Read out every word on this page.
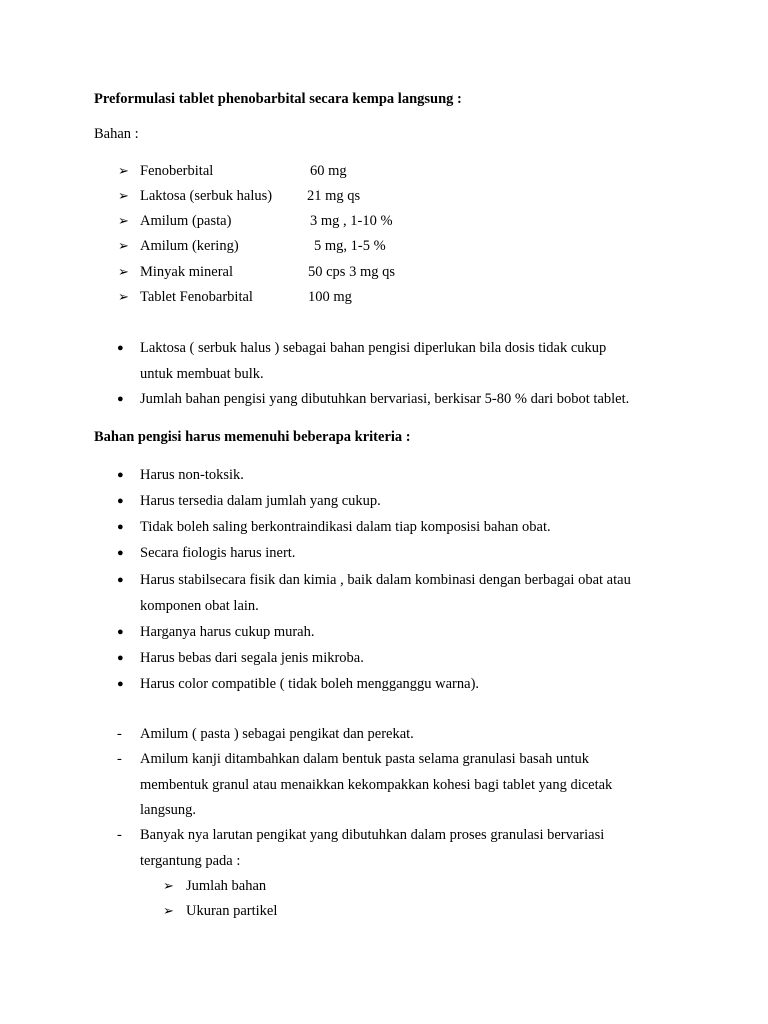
Preformulasi tablet phenobarbital secara kempa langsung :
Bahan :
➢ Fenoberbital	60 mg
➢ Laktosa (serbuk halus) 21 mg qs
➢ Amilum (pasta)	3 mg , 1-10 %
➢ Amilum (kering)	5 mg, 1-5 %
➢ Minyak mineral	50 cps 3 mg qs
➢ Tablet Fenobarbital	100 mg
● Laktosa ( serbuk halus ) sebagai bahan pengisi diperlukan bila dosis tidak cukup
untuk membuat bulk.
● Jumlah bahan pengisi yang dibutuhkan bervariasi, berkisar 5-80 % dari bobot tablet.
Bahan pengisi harus memenuhi beberapa kriteria :
● Harus non-toksik.
● Harus tersedia dalam jumlah yang cukup.
● Tidak boleh saling berkontraindikasi dalam tiap komposisi bahan obat.
● Secara fiologis harus inert.
● Harus stabilsecara fisik dan kimia , baik dalam kombinasi dengan berbagai obat atau
komponen obat lain.
● Harganya harus cukup murah.
● Harus bebas dari segala jenis mikroba.
● Harus color compatible ( tidak boleh mengganggu warna).
- Amilum ( pasta ) sebagai pengikat dan perekat.
- Amilum kanji ditambahkan dalam bentuk pasta selama granulasi basah untuk
membentuk granul atau menaikkan kekompakkan kohesi bagi tablet yang dicetak
langsung.
- Banyak nya larutan pengikat yang dibutuhkan dalam proses granulasi bervariasi
tergantung pada :
➢ Jumlah bahan
➢ Ukuran partikel
